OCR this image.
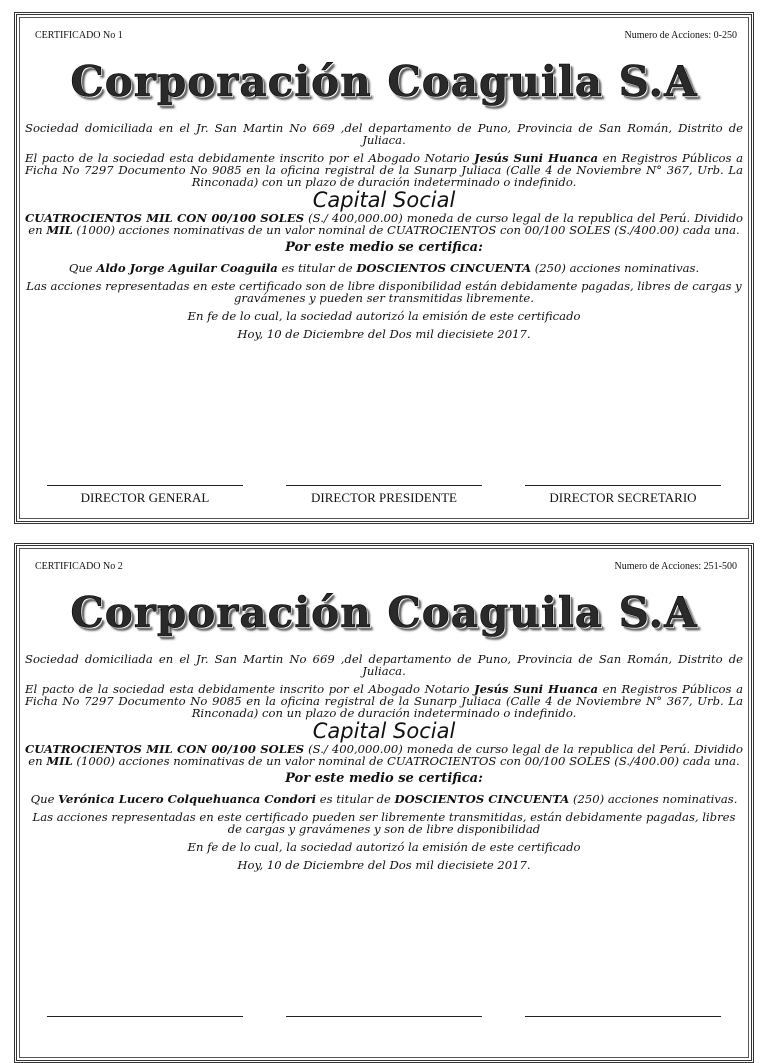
CERTIFICADO No 1	Numero de Acciones: 0-250
Corporación Coaguila S.A

Sociedad domiciliada en el Jr. San Martin No 669 ,del departamento de Puno, Provincia de San Román, Distrito de Juliaca.

El pacto de la sociedad esta debidamente inscrito por el Abogado Notario Jesús Suni Huanca en Registros Públicos a Ficha No 7297 Documento No 9085 en la oficina registral de la Sunarp Juliaca (Calle 4 de Noviembre N° 367, Urb. La Rinconada) con un plazo de duración indeterminado o indefinido.

Capital Social

CUATROCIENTOS MIL CON 00/100 SOLES (S./ 400,000.00) moneda de curso legal de la republica del Perú. Dividido en MIL (1000) acciones nominativas de un valor nominal de CUATROCIENTOS con 00/100 SOLES (S./400.00) cada una.

Por este medio se certifica:

Que Aldo Jorge Aguilar Coaguila es titular de DOSCIENTOS CINCUENTA (250) acciones nominativas.

Las acciones representadas en este certificado son de libre disponibilidad están debidamente pagadas, libres de cargas y gravámenes y pueden ser transmitidas libremente.

En fe de lo cual, la sociedad autorizó la emisión de este certificado

Hoy, 10 de Diciembre del Dos mil diecisiete 2017.

DIRECTOR GENERAL	DIRECTOR PRESIDENTE	DIRECTOR SECRETARIO
CERTIFICADO No 2	Numero de Acciones: 251-500
Corporación Coaguila S.A

Sociedad domiciliada en el Jr. San Martin No 669 ,del departamento de Puno, Provincia de San Román, Distrito de Juliaca.

El pacto de la sociedad esta debidamente inscrito por el Abogado Notario Jesús Suni Huanca en Registros Públicos a Ficha No 7297 Documento No 9085 en la oficina registral de la Sunarp Juliaca (Calle 4 de Noviembre N° 367, Urb. La Rinconada) con un plazo de duración indeterminado o indefinido.

Capital Social

CUATROCIENTOS MIL CON 00/100 SOLES (S./ 400,000.00) moneda de curso legal de la republica del Perú. Dividido en MIL (1000) acciones nominativas de un valor nominal de CUATROCIENTOS con 00/100 SOLES (S./400.00) cada una.

Por este medio se certifica:

Que Verónica Lucero Colquehuanca Condori es titular de DOSCIENTOS CINCUENTA (250) acciones nominativas.

Las acciones representadas en este certificado pueden ser libremente transmitidas, están debidamente pagadas, libres de cargas y gravámenes y son de libre disponibilidad

En fe de lo cual, la sociedad autorizó la emisión de este certificado

Hoy, 10 de Diciembre del Dos mil diecisiete 2017.
